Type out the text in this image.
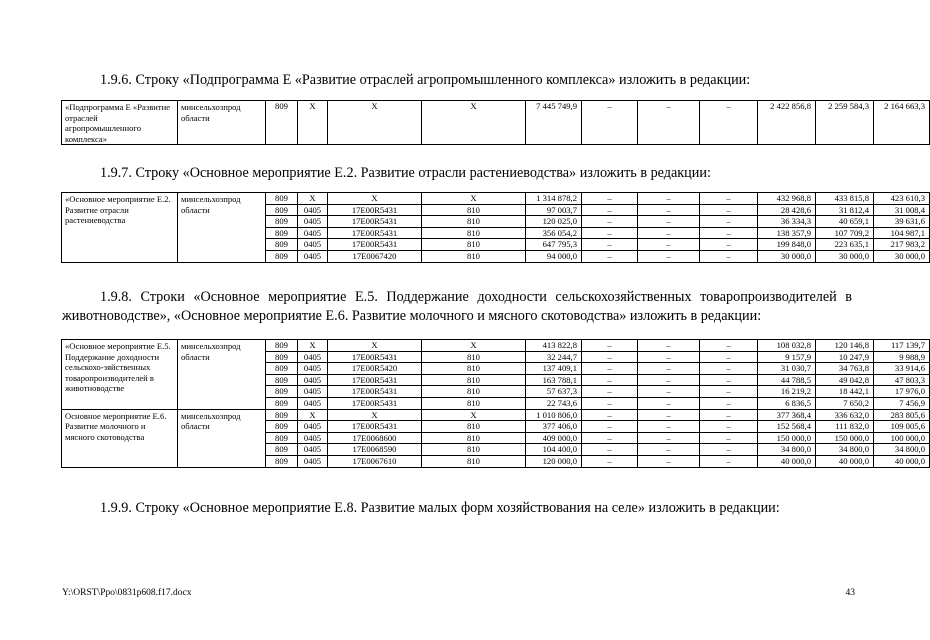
1.9.6. Строку «Подпрограмма Е «Развитие отраслей агропромышленного комплекса» изложить в редакции:

«Подпрограмма Е «Развитие отраслей агропромышленного комплекса»	минсельхозпрод области	809	Х	Х	Х	7 445 749,9	–	–	–	2 422 856,8	2 259 584,3	2 164 663,3	

1.9.7. Строку «Основное мероприятие Е.2. Развитие отрасли растениеводства» изложить в редакции:

«Основное мероприятие Е.2. Развитие отрасли растениеводства	минсельхозпрод области	809	Х	Х	Х	1 314 878,2	–	–	–	432 968,8	433 815,8	423 610,3	
		809	0405	17Е00R5431	810	97 003,7	–	–	–	28 428,6	31 812,4	31 008,4	
		809	0405	17Е00R5431	810	120 025,0	–	–	–	36 334,3	40 659,1	39 631,6	
		809	0405	17Е00R5431	810	356 054,2	–	–	–	138 357,9	107 709,2	104 987,1	
		809	0405	17Е00R5431	810	647 795,3	–	–	–	199 848,0	223 635,1	217 983,2	
		809	0405	17Е0067420	810	94 000,0	–	–	–	30 000,0	30 000,0	30 000,0	

1.9.8. Строки «Основное мероприятие Е.5. Поддержание доходности сельскохозяйственных товаропроизводителей в животноводстве», «Основное мероприятие Е.6. Развитие молочного и мясного скотоводства» изложить в редакции:

«Основное мероприятие Е.5. Поддержание доходности сельскохо-зяйственных товаропроизводителей в животноводстве	минсельхозпрод области	809	Х	Х	Х	413 822,8	–	–	–	108 032,8	120 146,8	117 139,7	
		809	0405	17Е00R5431	810	32 244,7	–	–	–	9 157,9	10 247,9	9 988,9	
		809	0405	17Е00R5420	810	137 409,1	–	–	–	31 030,7	34 763,8	33 914,6	
		809	0405	17Е00R5431	810	163 788,1	–	–	–	44 788,5	49 042,8	47 803,3	
		809	0405	17Е00R5431	810	57 637,3	–	–	–	16 219,2	18 442,1	17 976,0	
		809	0405	17Е00R5431	810	22 743,6	–	–	–	6 836,5	7 650,2	7 456,9	
Основное мероприятие Е.6. Развитие молочного и мясного скотоводства	минсельхозпрод области	809	Х	Х	Х	1 010 806,0	–	–	–	377 368,4	336 632,0	283 805,6	
		809	0405	17Е00R5431	810	377 406,0	–	–	–	152 568,4	111 832,0	109 005,6	
		809	0405	17Е0068600	810	409 000,0	–	–	–	150 000,0	150 000,0	100 000,0	
		809	0405	17Е0068590	810	104 400,0	–	–	–	34 800,0	34 800,0	34 800,0	
		809	0405	17Е0067610	810	120 000,0	–	–	–	40 000,0	40 000,0	40 000,0	

1.9.9. Строку «Основное мероприятие Е.8. Развитие малых форм хозяйствования на селе» изложить в редакции:

Y:\ORST\Ppo\0831p608.f17.docx	43
